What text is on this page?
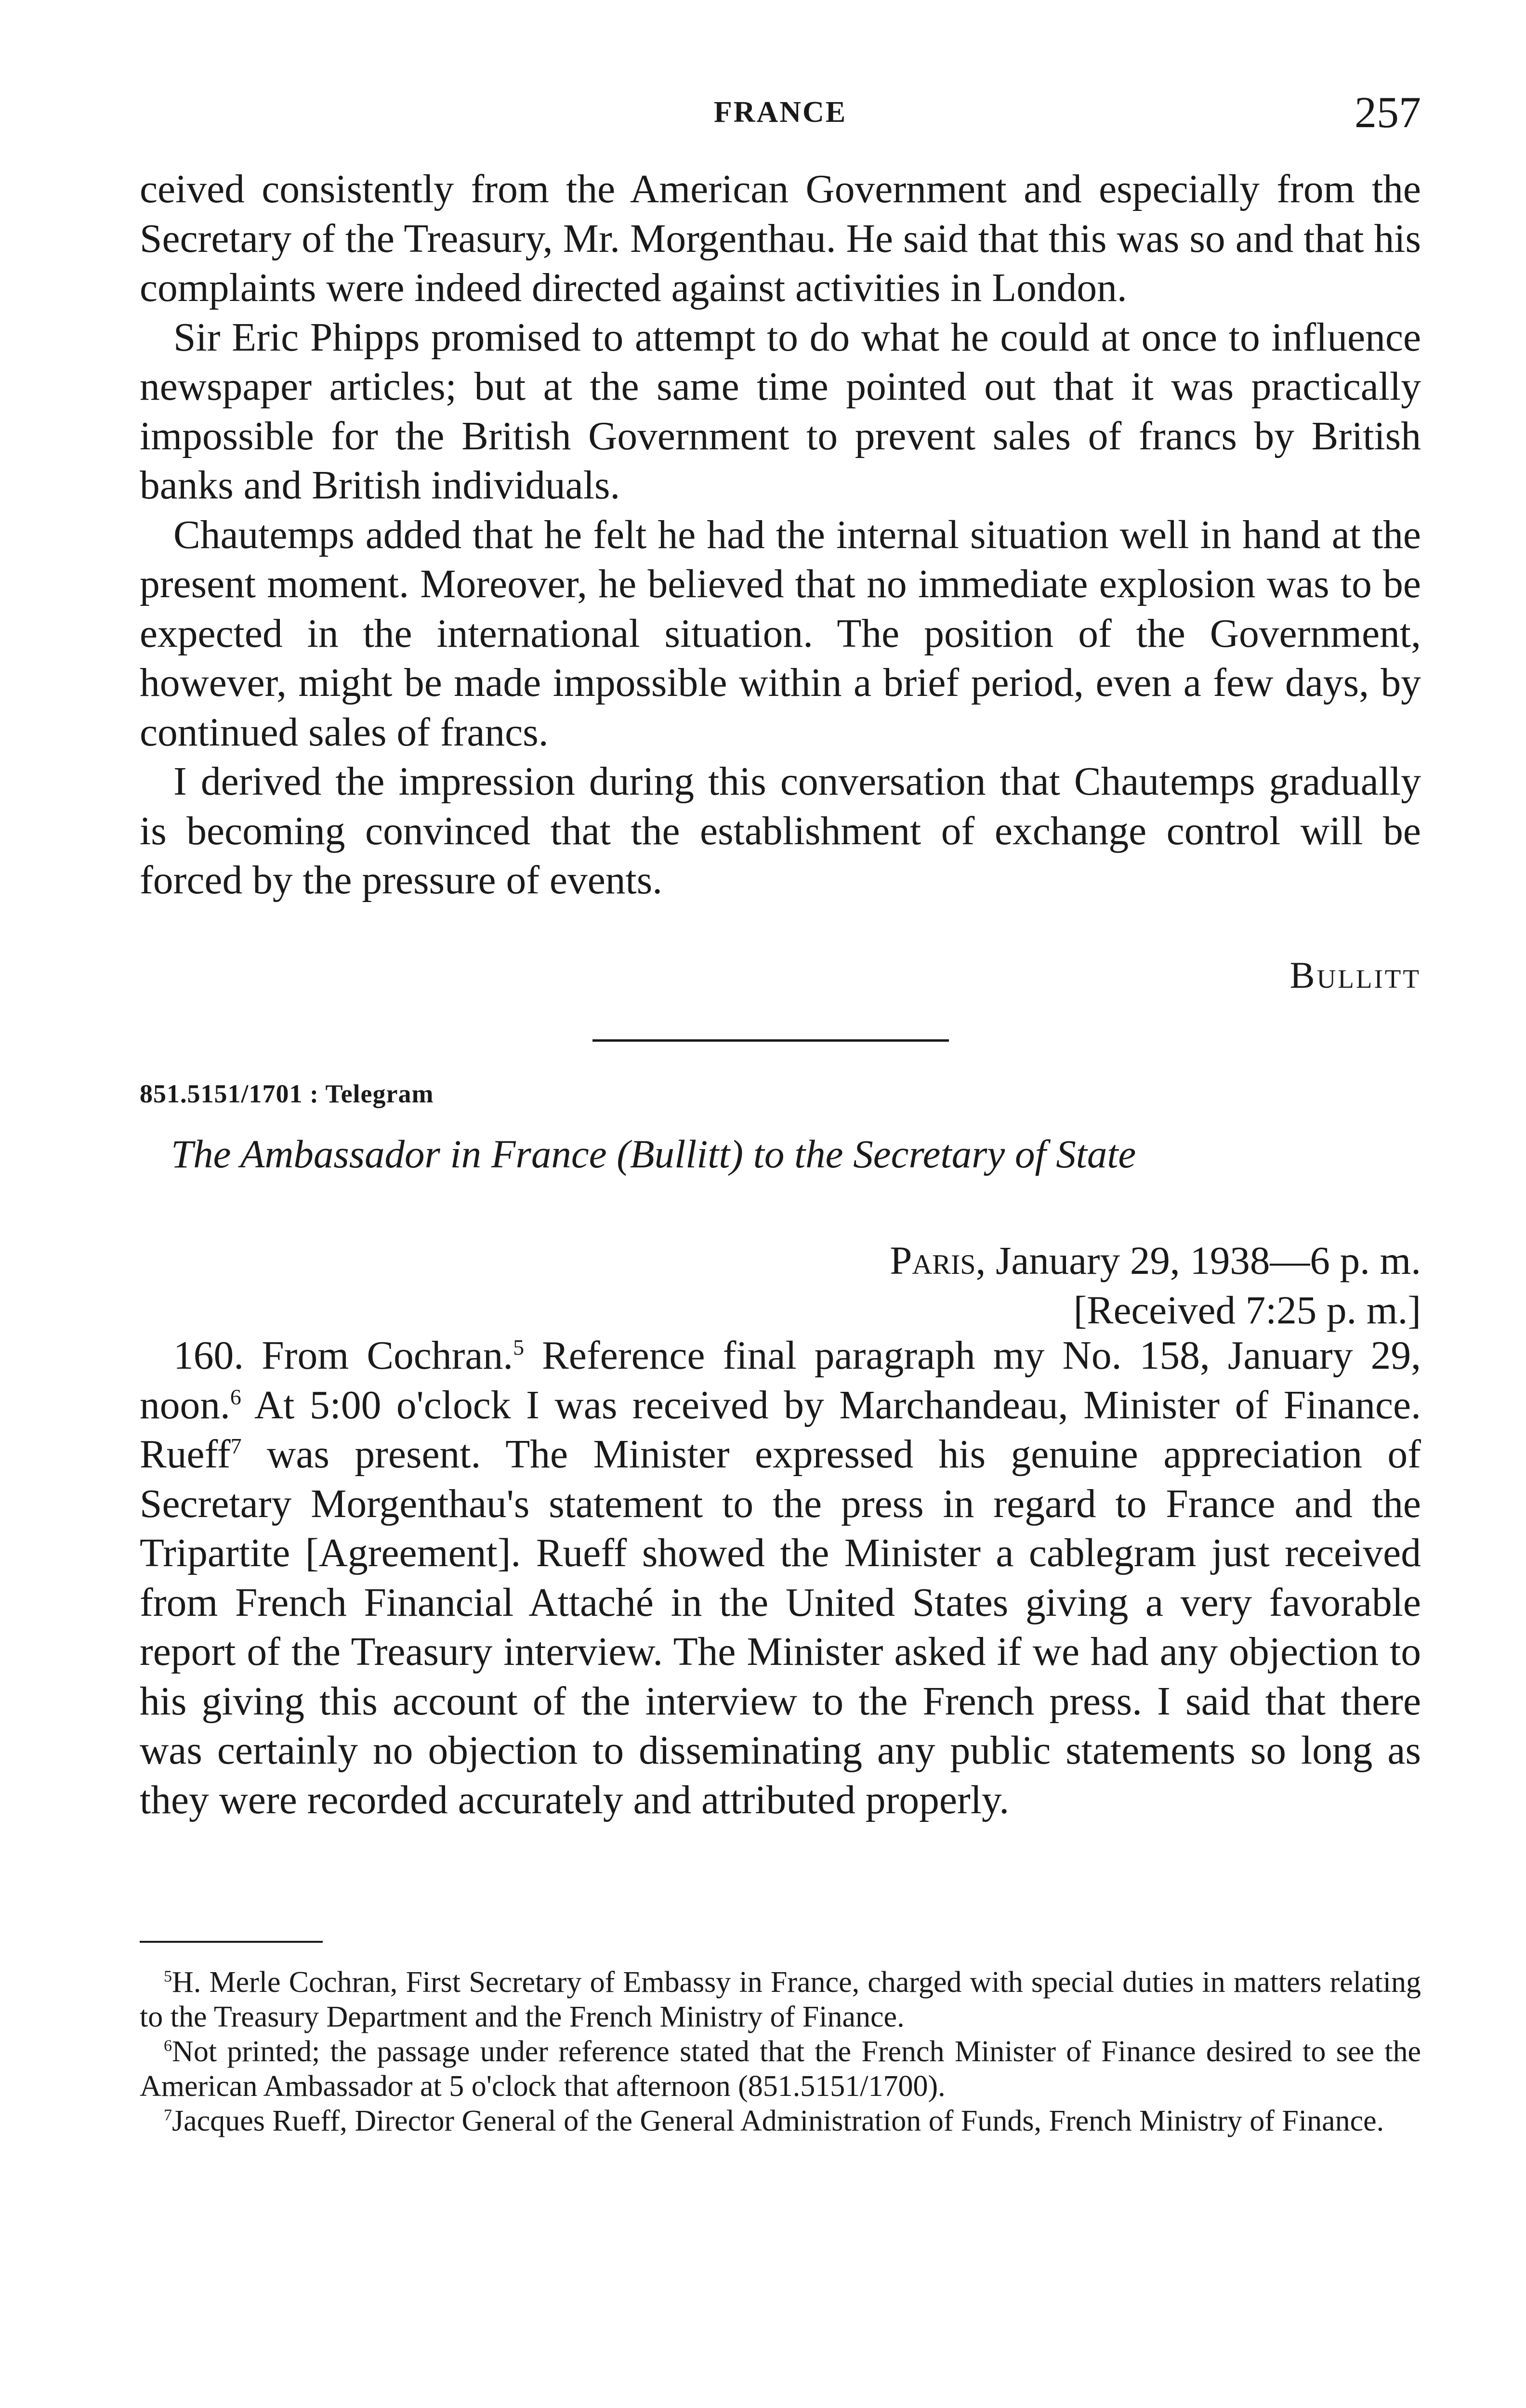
FRANCE	257

ceived consistently from the American Government and especially from the Secretary of the Treasury, Mr. Morgenthau. He said that this was so and that his complaints were indeed directed against activities in London.

Sir Eric Phipps promised to attempt to do what he could at once to influence newspaper articles; but at the same time pointed out that it was practically impossible for the British Government to prevent sales of francs by British banks and British individuals.

Chautemps added that he felt he had the internal situation well in hand at the present moment. Moreover, he believed that no immediate explosion was to be expected in the international situation. The position of the Government, however, might be made impossible within a brief period, even a few days, by continued sales of francs.

I derived the impression during this conversation that Chautemps gradually is becoming convinced that the establishment of exchange control will be forced by the pressure of events.

Bullitt
851.5151/1701 : Telegram
The Ambassador in France (Bullitt) to the Secretary of State
Paris, January 29, 1938—6 p. m.
[Received 7:25 p. m.]

160. From Cochran.$^5$ Reference final paragraph my No. 158, January 29, noon.$^6$ At 5:00 o'clock I was received by Marchandeau, Minister of Finance. Rueff$^7$ was present. The Minister expressed his genuine appreciation of Secretary Morgenthau's statement to the press in regard to France and the Tripartite [Agreement]. Rueff showed the Minister a cablegram just received from French Financial Attaché in the United States giving a very favorable report of the Treasury interview. The Minister asked if we had any objection to his giving this account of the interview to the French press. I said that there was certainly no objection to disseminating any public statements so long as they were recorded accurately and attributed properly.

$^5$H. Merle Cochran, First Secretary of Embassy in France, charged with special duties in matters relating to the Treasury Department and the French Ministry of Finance.

$^6$Not printed; the passage under reference stated that the French Minister of Finance desired to see the American Ambassador at 5 o'clock that afternoon (851.5151/1700).

$^7$Jacques Rueff, Director General of the General Administration of Funds, French Ministry of Finance.
